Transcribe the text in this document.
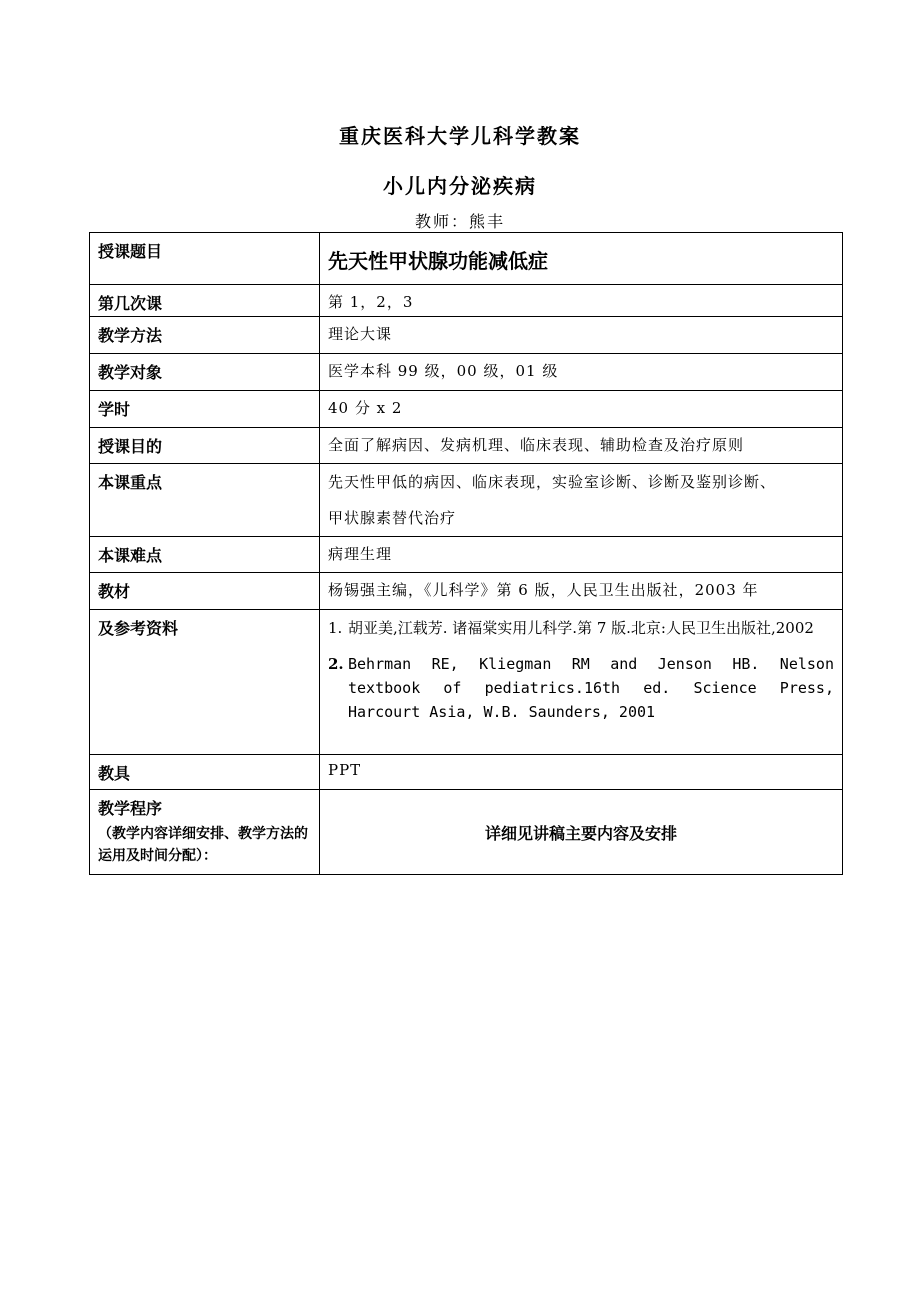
重庆医科大学儿科学教案
小儿内分泌疾病
教师：熊丰
授课题目	先天性甲状腺功能减低症
第几次课	第 1，2，3
教学方法	理论大课
教学对象	医学本科 99 级，00 级，01 级
学时	40 分 x 2
授课目的	全面了解病因、发病机理、临床表现、辅助检查及治疗原则
本课重点	先天性甲低的病因、临床表现，实验室诊断、诊断及鉴别诊断、
甲状腺素替代治疗

本课难点	病理生理
教材	杨锡强主编，《儿科学》第 6 版，人民卫生出版社，2003 年
及参考资料	1. 胡亚美,江载芳. 诸福棠实用儿科学.第 7 版.北京:人民卫生出版社,2002
2. Behrman RE, Kliegman RM and Jenson HB. Nelson textbook of pediatrics.16th ed. Science Press, Harcourt Asia, W.B. Saunders, 2001

教具	PPT

教学程序
（教学内容详细安排、教学方法的运用及时间分配）：	详细见讲稿主要内容及安排
